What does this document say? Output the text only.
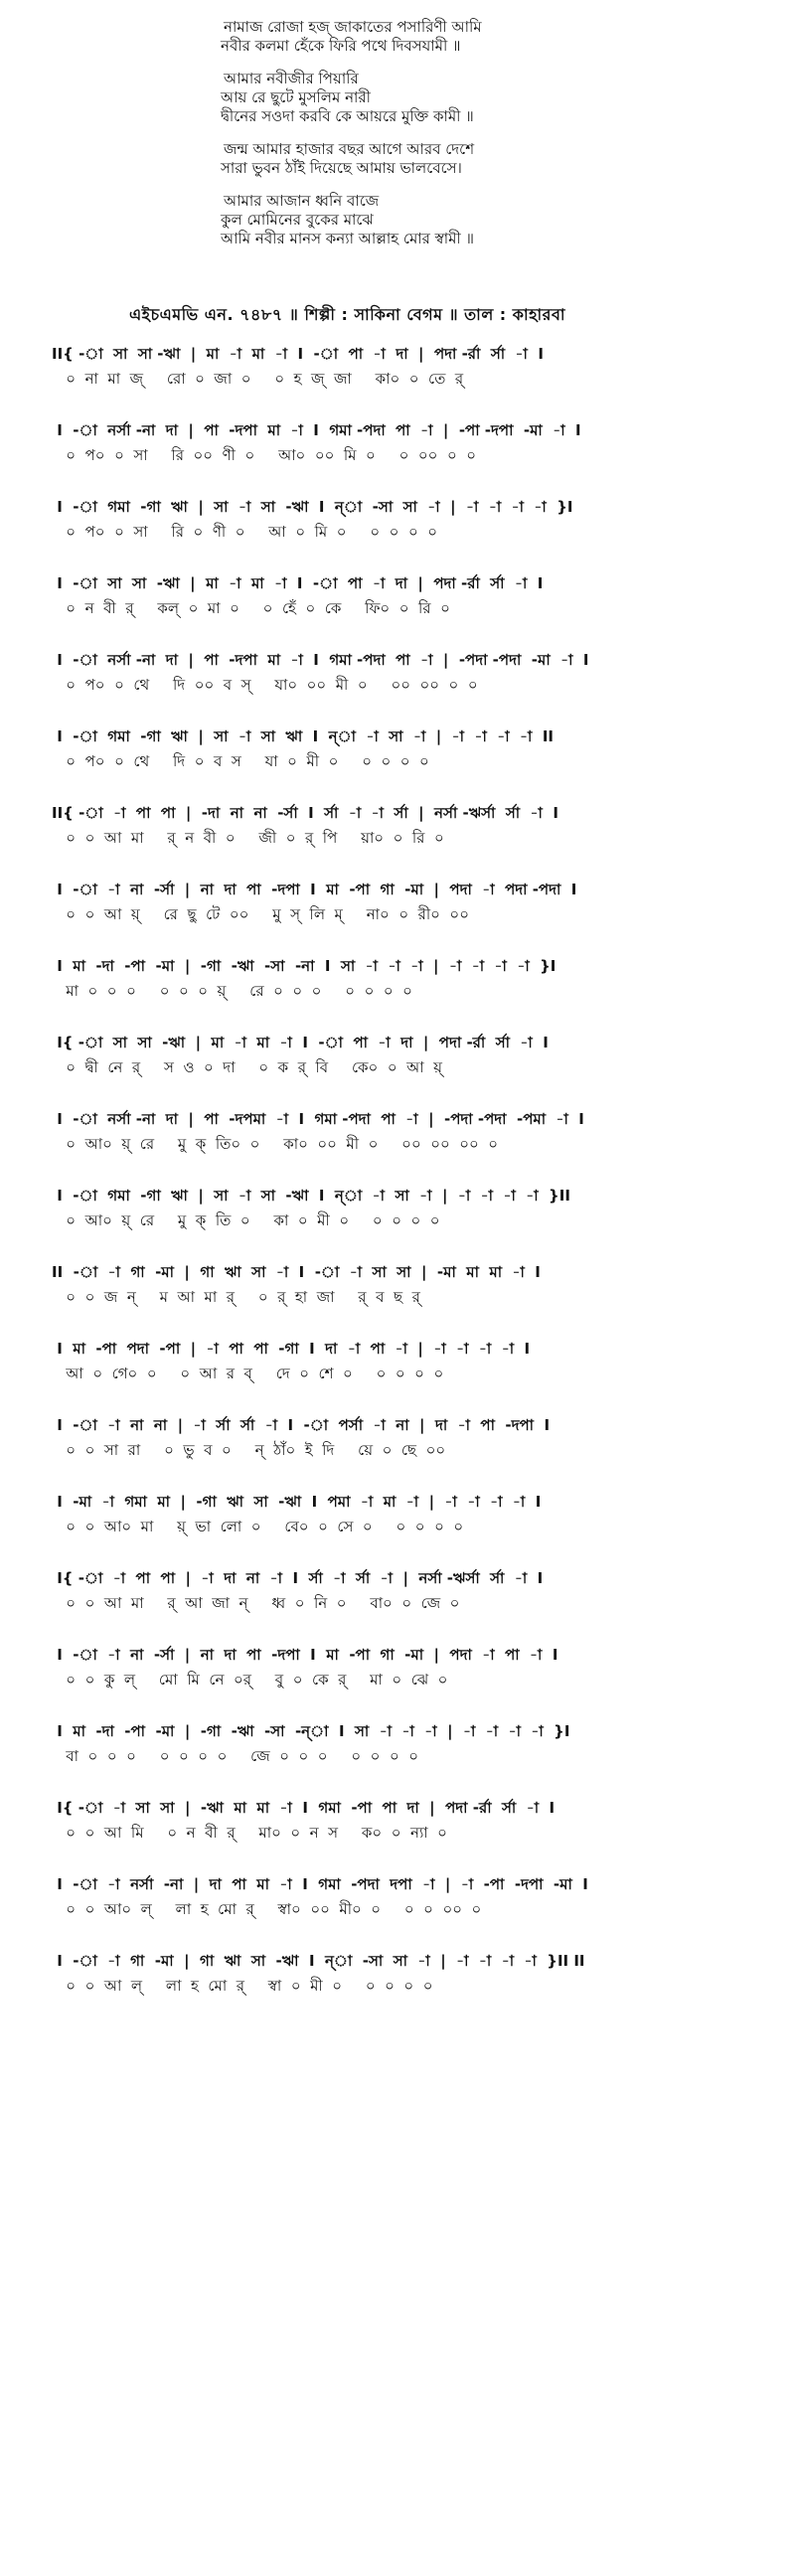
নামাজ রোজা হজ্‌ জাকাতের পসারিণী আমি
নবীর কলমা হেঁকে ফিরি পথে দিবসযামী ॥
আমার নবীজীর পিয়ারি
আয় রে ছুটে মুসলিম নারী
দ্বীনের সওদা করবি কে আয়রে মুক্তি কামী ॥
জন্ম আমার হাজার বছর আগে আরব দেশে
সারা ভুবন ঠাঁই দিয়েছে আমায় ভালবেসে।
আমার আজান ধ্বনি বাজে
কুল মোমিনের বুকের মাঝে
আমি নবীর মানস কন্যা আল্লাহ মোর স্বামী ॥
এইচএমভি এন. ৭৪৮৭ ॥ শিল্পী : সাকিনা বেগম ॥ তাল : কাহারবা
II{ -া  সা  সা -ঋা  |  মা  -া  মা  -া  I  -া  পা  -া  দা  |  পদা -র্রা  র্সা  -া  I
০  না  মা  জ্     রো  ০  জা  ০     ০  হ  জ্‌  জা     কা০  ০  তে  র্
I  -া  নর্সা -না  দা  |  পা  -দপা  মা  -া  I  গমা -পদা  পা  -া  |  -পা -দপা  -মা  -া  I
০  প০  ০  সা     রি  ০০  ণী  ০     আ০  ০০  মি  ০     ০  ০০  ০  ০
I  -া  গমা  -গা  ঋা  |  সা  -া  সা  -ঋা  I  ন্া  -সা  সা  -া  |  -া  -া  -া  -া  }I
০  প০  ০  সা     রি  ০  ণী  ০     আ  ০  মি  ০     ০  ০  ০  ০
I  -া  সা  সা  -ঋা  |  মা  -া  মা  -া  I  -া  পা  -া  দা  |  পদা -র্রা  র্সা  -া  I
০  ন  বী  র্     কল্‌  ০  মা  ০     ০  হেঁ  ০  কে     ফি০  ০  রি  ০
I  -া  নর্সা -না  দা  |  পা  -দপা  মা  -া  I  গমা -পদা  পা  -া  |  -পদা -পদা  -মা  -া  I
০  প০  ০  থে     দি  ০০  ব  স্     যা০  ০০  মী  ০     ০০  ০০  ০  ০
I  -া  গমা  -গা  ঋা  |  সা  -া  সা  ঋা  I  ন্া  -া  সা  -া  |  -া  -া  -া  -া  II
০  প০  ০  থে     দি  ০  ব  স     যা  ০  মী  ০     ০  ০  ০  ০
II{ -া  -া  পা  পা  |  -দা  না  না  -র্সা  I  র্সা  -া  -া  র্সা  |  নর্সা -ঋর্সা  র্সা  -া  I
০  ০  আ  মা     র্  ন  বী  ০     জী  ০  র্  পি     য়া০  ০  রি  ০
I  -া  -া  না  -র্সা  |  না  দা  পা  -দপা  I  মা  -পা  গা  -মা  |  পদা  -া  পদা -পদা  I
০  ০  আ  য়্     রে  ছু  টে  ০০     মু  স্‌  লি  ম্     না০  ০  রী০  ০০
I  মা  -দা  -পা  -মা  |  -গা  -ঋা  -সা  -না  I  সা  -া  -া  -া  |  -া  -া  -া  -া  }I
মা  ০  ০  ০     ০  ০  ০  য়্     রে  ০  ০  ০     ০  ০  ০  ০
I{ -া  সা  সা  -ঋা  |  মা  -া  মা  -া  I  -া  পা  -া  দা  |  পদা -র্রা  র্সা  -া  I
০  দ্বী  নে  র্     স  ও  ০  দা     ০  ক  র্‌  বি     কে০  ০  আ  য়্
I  -া  নর্সা -না  দা  |  পা  -দপমা  -া  I  গমা -পদা  পা  -া  |  -পদা -পদা  -পমা  -া  I
০  আ০  য়্  রে     মু  ক্‌  তি০  ০     কা০  ০০  মী  ০     ০০  ০০  ০০  ০
I  -া  গমা  -গা  ঋা  |  সা  -া  সা  -ঋা  I  ন্া  -া  সা  -া  |  -া  -া  -া  -া  }II
০  আ০  য়্  রে     মু  ক্‌  তি  ০     কা  ০  মী  ০     ০  ০  ০  ০
II  -া  -া  গা  -মা  |  গা  ঋা  সা  -া  I  -া  -া  সা  সা  |  -মা  মা  মা  -া  I
০  ০  জ  ন্     ম  আ  মা  র্     ০  র্‌  হা  জা     র্‌  ব  ছ  র্
I  মা  -পা  পদা  -পা  |  -া  পা  পা  -গা  I  দা  -া  পা  -া  |  -া  -া  -া  -া  I
আ  ০  গে০  ০     ০  আ  র  ব্     দে  ০  শে  ০     ০  ০  ০  ০
I  -া  -া  না  না  |  -া  র্সা  র্সা  -া  I  -া  পর্সা  -া  না  |  দা  -া  পা  -দপা  I
০  ০  সা  রা     ০  ভু  ব  ০     ন্‌  ঠাঁ০  ই  দি     য়ে  ০  ছে  ০০
I  -মা  -া  গমা  মা  |  -গা  ঋা  সা  -ঋা  I  পমা  -া  মা  -া  |  -া  -া  -া  -া  I
০  ০  আ০  মা     য়্  ভা  লো  ০     বে০  ০  সে  ০     ০  ০  ০  ০
I{ -া  -া  পা  পা  |  -া  দা  না  -া  I  র্সা  -া  র্সা  -া  |  নর্সা -ঋর্সা  র্সা  -া  I
০  ০  আ  মা     র্  আ  জা  ন্     ধ্ব  ০  নি  ০     বা০  ০  জে  ০
I  -া  -া  না  -র্সা  |  না  দা  পা  -দপা  I  মা  -পা  গা  -মা  |  পদা  -া  পা  -া  I
০  ০  কু  ল্     মো  মি  নে  ০র্     বু  ০  কে  র্     মা  ০  ঝে  ০
I  মা  -দা  -পা  -মা  |  -গা  -ঋা  -সা  -ন্া  I  সা  -া  -া  -া  |  -া  -া  -া  -া  }I
বা  ০  ০  ০     ০  ০  ০  ০     জে  ০  ০  ০     ০  ০  ০  ০
I{ -া  -া  সা  সা  |  -ঋা  মা  মা  -া  I  গমা  -পা  পা  দা  |  পদা -র্রা  র্সা  -া  I
০  ০  আ  মি     ০  ন  বী  র্     মা০  ০  ন  স     ক০  ০  ন্যা  ০
I  -া  -া  নর্সা  -না  |  দা  পা  মা  -া  I  গমা  -পদা  দপা  -া  |  -া  -পা  -দপা  -মা  I
০  ০  আ০  ল্     লা  হ  মো  র্     স্বা০  ০০  মী০  ০     ০  ০  ০০  ০
I  -া  -া  গা  -মা  |  গা  ঋা  সা  -ঋা  I  ন্া  -সা  সা  -া  |  -া  -া  -া  -া  }II II
০  ০  আ  ল্     লা  হ  মো  র্     স্বা  ০  মী  ০     ০  ০  ০  ০
